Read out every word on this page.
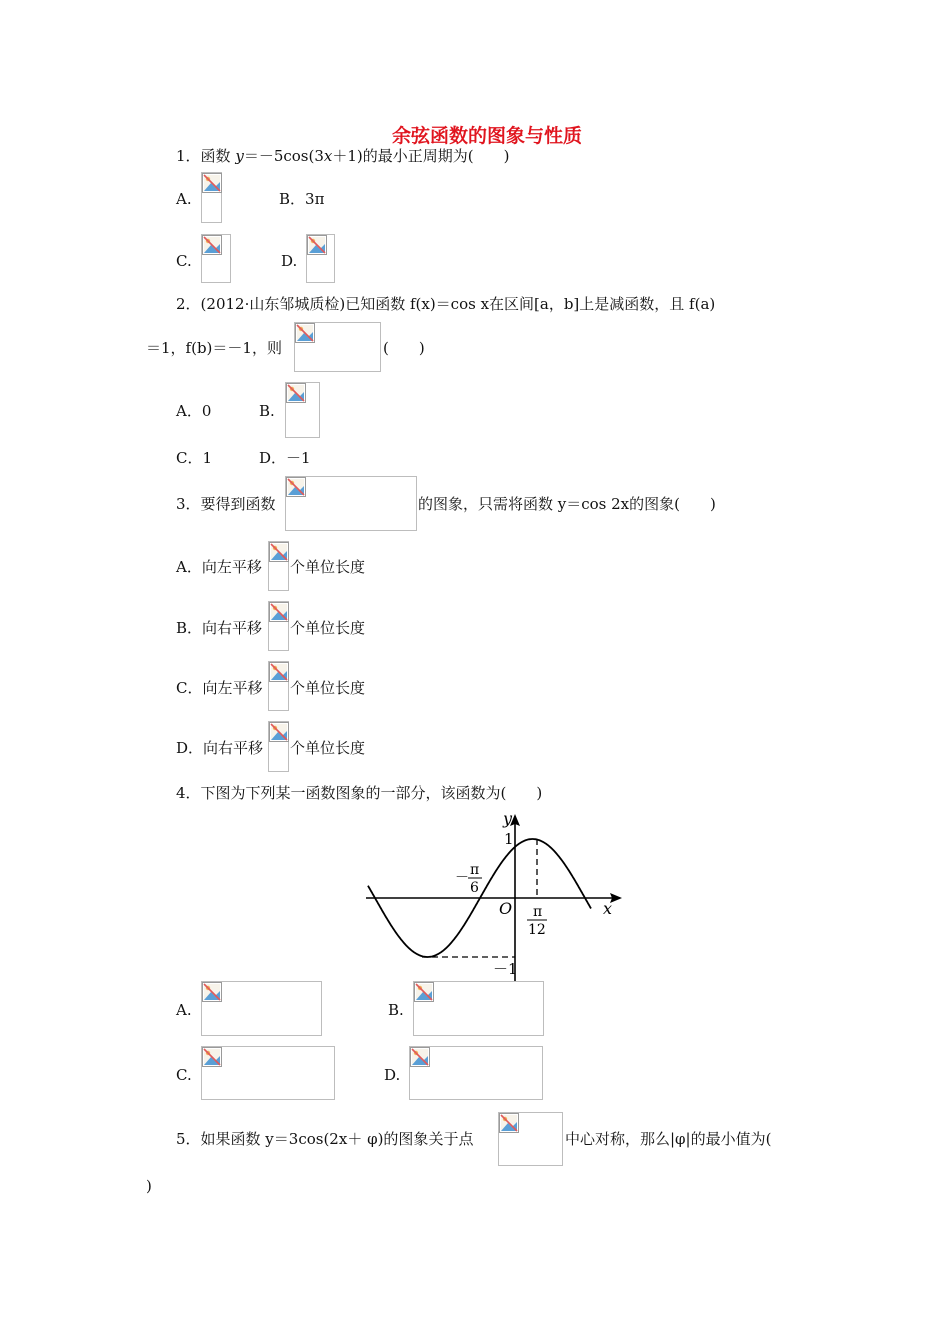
余弦函数的图象与性质
1．函数 y＝－5cos(3x＋1)的最小正周期为(　　)
A.	B．3π
C.	D.
2．(2012·山东邹城质检)已知函数 f(x)＝cos x在区间[a，b]上是减函数，且 f(a)
＝1，f(b)＝－1，则	(　　)
A．0	B.
C．1	D．－1
3．要得到函数	的图象，只需将函数 y＝cos 2x的图象(　　)
A．向左平移 个单位长度
B．向右平移 个单位长度
C．向左平移 个单位长度
D．向右平移 个单位长度
4．下图为下列某一函数图象的一部分，该函数为(　　)
y
x
O
1
－1
－ π
6
π
12
A.	B.
C.	D.
5．如果函数 y＝3cos(2x＋ φ)的图象关于点	中心对称，那么|φ|的最小值为(
)
